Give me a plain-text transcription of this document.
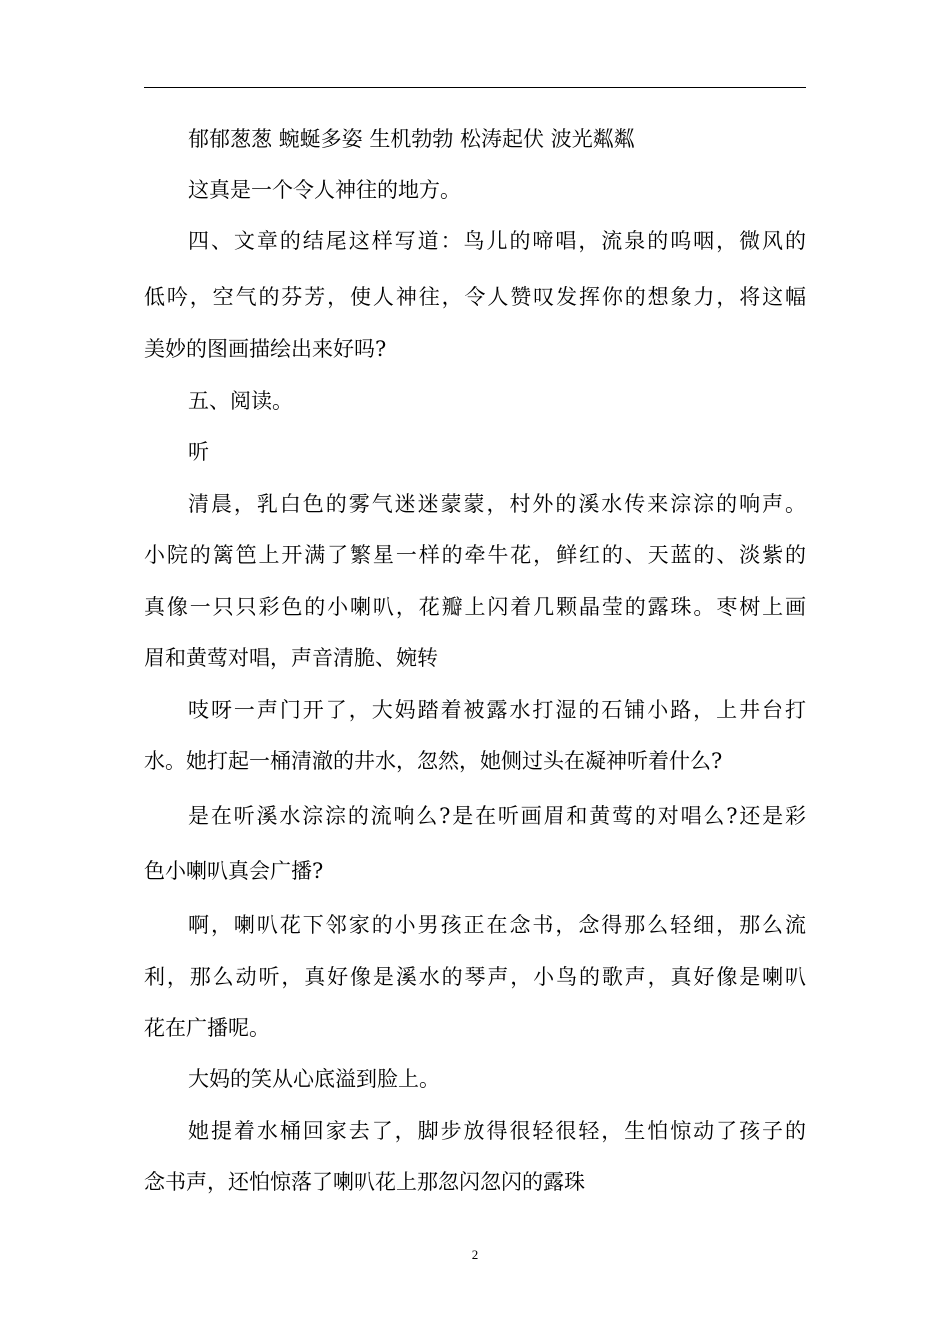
郁郁葱葱 蜿蜒多姿 生机勃勃 松涛起伏 波光粼粼
这真是一个令人神往的地方。
四、文章的结尾这样写道：鸟儿的啼唱，流泉的呜咽，微风的
低吟，空气的芬芳，使人神往，令人赞叹发挥你的想象力，将这幅
美妙的图画描绘出来好吗?
五、阅读。
听
清晨，乳白色的雾气迷迷蒙蒙，村外的溪水传来淙淙的响声。
小院的篱笆上开满了繁星一样的牵牛花，鲜红的、天蓝的、淡紫的
真像一只只彩色的小喇叭，花瓣上闪着几颗晶莹的露珠。枣树上画
眉和黄莺对唱，声音清脆、婉转
吱呀一声门开了，大妈踏着被露水打湿的石铺小路，上井台打
水。她打起一桶清澈的井水，忽然，她侧过头在凝神听着什么?
是在听溪水淙淙的流响么?是在听画眉和黄莺的对唱么?还是彩
色小喇叭真会广播?
啊，喇叭花下邻家的小男孩正在念书，念得那么轻细，那么流
利，那么动听，真好像是溪水的琴声，小鸟的歌声，真好像是喇叭
花在广播呢。
大妈的笑从心底溢到脸上。
她提着水桶回家去了，脚步放得很轻很轻，生怕惊动了孩子的
念书声，还怕惊落了喇叭花上那忽闪忽闪的露珠
2
